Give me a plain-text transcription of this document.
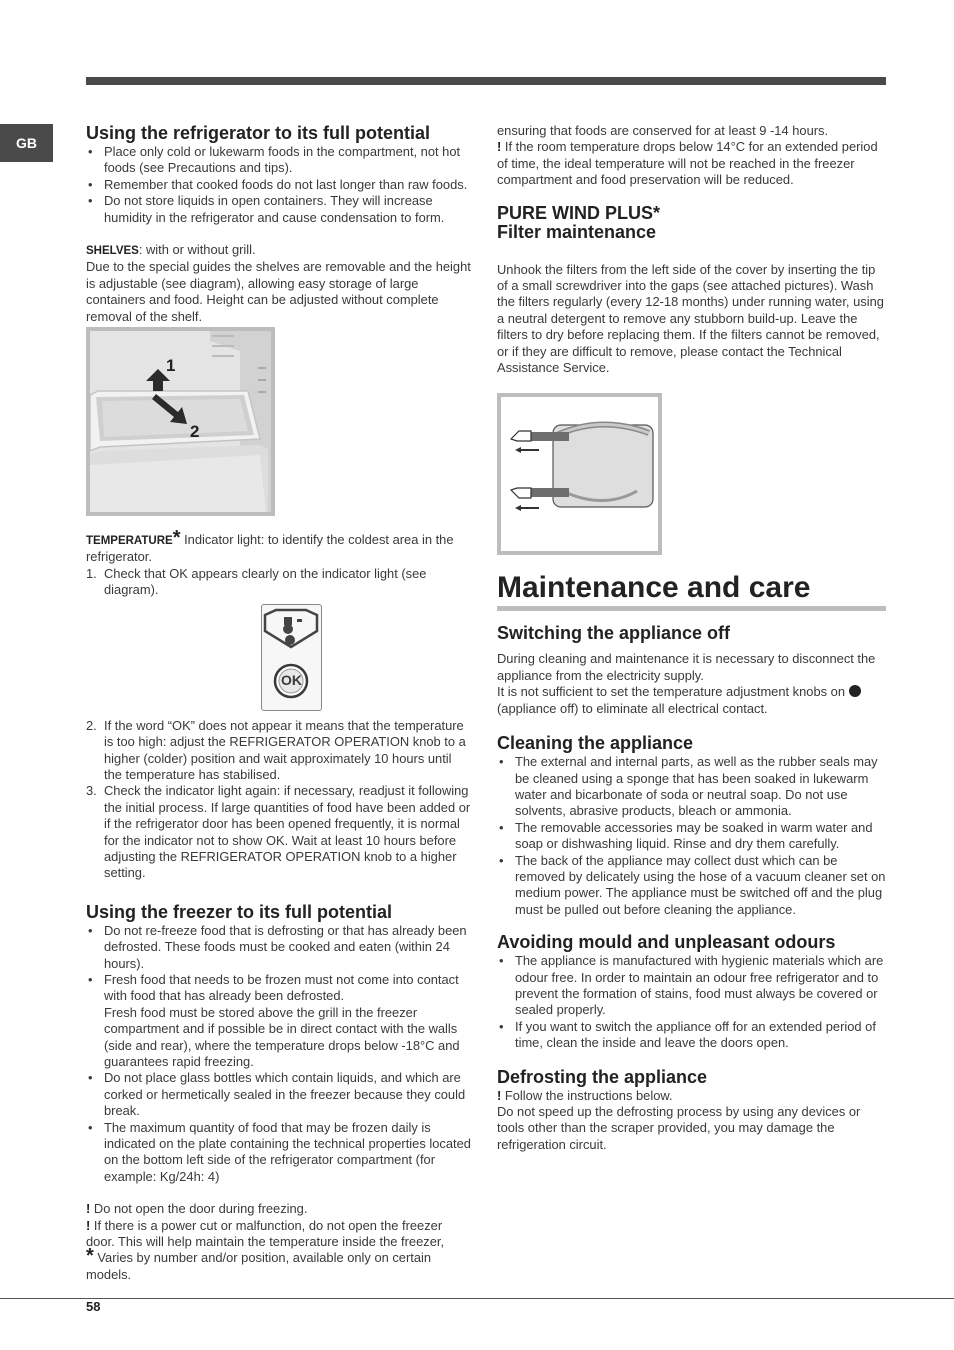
GB	Using the refrigerator to its full potential
• Place only cold or lukewarm foods in the compartment, not hot foods (see Precautions and tips).
• Remember that cooked foods do not last longer than raw foods.
• Do not store liquids in open containers. They will increase humidity in the refrigerator and cause condensation to form.

SHELVES: with or without grill.

Due to the special guides the shelves are removable and the height is adjustable (see diagram), allowing easy storage of large containers and food. Height can be adjusted without complete removal of the shelf.

1
2

TEMPERATURE* Indicator light: to identify the coldest area in the refrigerator.

1. Check that OK appears clearly on the indicator light (see diagram).
OK
2. If the word “OK” does not appear it means that the temperature is too high: adjust the REFRIGERATOR OPERATION knob to a higher (colder) position and wait approximately 10 hours until the temperature has stabilised.
3. Check the indicator light again: if necessary, readjust it following the initial process. If large quantities of food have been added or if the refrigerator door has been opened frequently, it is normal for the indicator not to show OK. Wait at least 10 hours before adjusting the REFRIGERATOR OPERATION knob to a higher setting.
Using the freezer to its full potential
• Do not re-freeze food that is defrosting or that has already been defrosted. These foods must be cooked and eaten (within 24 hours).
• Fresh food that needs to be frozen must not come into contact with food that has already been defrosted.
Fresh food must be stored above the grill in the freezer compartment and if possible be in direct contact with the walls (side and rear), where the temperature drops below -18°C and guarantees rapid freezing.
• Do not place glass bottles which contain liquids, and which are corked or hermetically sealed in the freezer because they could break.
• The maximum quantity of food that may be frozen daily is indicated on the plate containing the technical properties located on the bottom left side of the refrigerator compartment (for example: Kg/24h: 4)

! Do not open the door during freezing.

! If there is a power cut or malfunction, do not open the freezer door. This will help maintain the temperature inside the freezer,

* Varies by number and/or position, available only on certain models.

ensuring that foods are conserved for at least 9 -14 hours.

! If the room temperature drops below 14°C for an extended period of time, the ideal temperature will not be reached in the freezer compartment and food preservation will be reduced.

PURE WIND PLUS*
Filter maintenance

Unhook the filters from the left side of the cover by inserting the tip of a small screwdriver into the gaps (see attached pictures). Wash the filters regularly (every 12-18 months) under running water, using a neutral detergent to remove any stubborn build-up. Leave the filters to dry before replacing them. If the filters cannot be removed, or if they are difficult to remove, please contact the Technical Assistance Service.

Maintenance and care
Switching the appliance off

During cleaning and maintenance it is necessary to disconnect the appliance from the electricity supply.

It is not sufficient to set the temperature adjustment knobs on

(appliance off) to eliminate all electrical contact.

Cleaning the appliance
• The external and internal parts, as well as the rubber seals may be cleaned using a sponge that has been soaked in lukewarm water and bicarbonate of soda or neutral soap. Do not use solvents, abrasive products, bleach or ammonia.
• The removable accessories may be soaked in warm water and soap or dishwashing liquid. Rinse and dry them carefully.
• The back of the appliance may collect dust which can be removed by delicately using the hose of a vacuum cleaner set on medium power. The appliance must be switched off and the plug must be pulled out before cleaning the appliance.
Avoiding mould and unpleasant odours
• The appliance is manufactured with hygienic materials which are odour free. In order to maintain an odour free refrigerator and to prevent the formation of stains, food must always be covered or sealed properly.
• If you want to switch the appliance off for an extended period of time, clean the inside and leave the doors open.
Defrosting the appliance

! Follow the instructions below.

Do not speed up the defrosting process by using any devices or tools other than the scraper provided, you may damage the refrigeration circuit.

58
